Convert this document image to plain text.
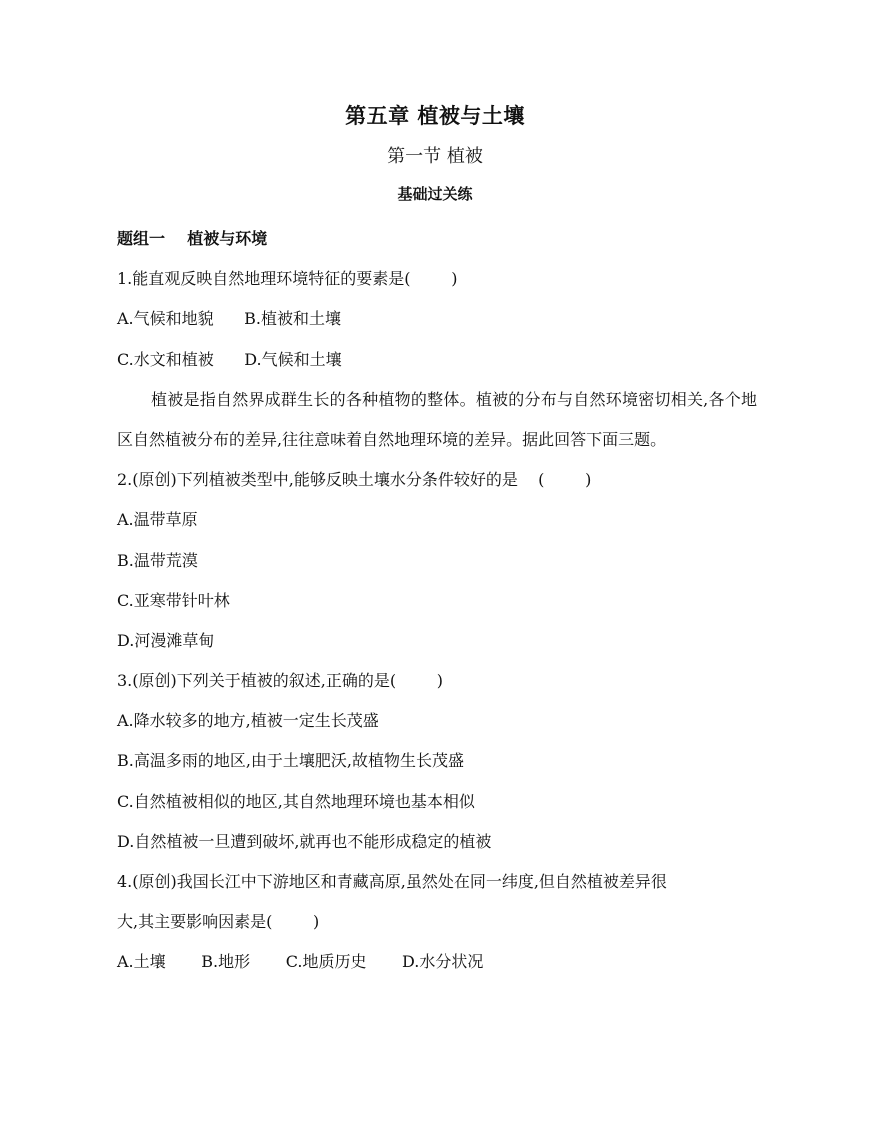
第五章 植被与土壤
第一节 植被
基础过关练
题组一    植被与环境
1.能直观反映自然地理环境特征的要素是(        )
A.气候和地貌      B.植被和土壤
C.水文和植被      D.气候和土壤
植被是指自然界成群生长的各种植物的整体。植被的分布与自然环境密切相关,各个地区自然植被分布的差异,往往意味着自然地理环境的差异。据此回答下面三题。
2.(原创)下列植被类型中,能够反映土壤水分条件较好的是    (        )
A.温带草原
B.温带荒漠
C.亚寒带针叶林
D.河漫滩草甸
3.(原创)下列关于植被的叙述,正确的是(        )
A.降水较多的地方,植被一定生长茂盛
B.高温多雨的地区,由于土壤肥沃,故植物生长茂盛
C.自然植被相似的地区,其自然地理环境也基本相似
D.自然植被一旦遭到破坏,就再也不能形成稳定的植被
4.(原创)我国长江中下游地区和青藏高原,虽然处在同一纬度,但自然植被差异很
大,其主要影响因素是(        )
A.土壤       B.地形       C.地质历史       D.水分状况
